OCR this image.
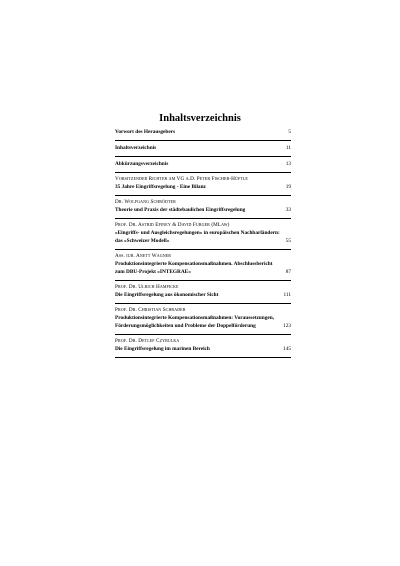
Inhaltsverzeichnis
Vorwort des Herausgebers	5
Inhaltsverzeichnis	11
Abkürzungsverzeichnis	13
Vorsitzender Richter am VG a.D. Peter Fischer-Hüftle
35 Jahre Eingriffsregelung - Eine Bilanz	19
Dr. Wolfgang Schrödter
Theorie und Praxis der städtebaulichen Eingriffsregelung	33
Prof. Dr. Astrid Epiney & David Furger (MLaw)
»Eingriffs- und Ausgleichsregelungen« in europäischen Nachbarländern:
das »Schweizer Modell«	55
Ass. iur. Anett Wagner
Produktionsintegrierte Kompensationsmaßnahmen. Abschlussbericht
zum DBU-Projekt »INTEGRAE«	87
Prof. Dr. Ulrich Hampicke
Die Eingriffsregelung aus ökonomischer Sicht	111
Prof. Dr. Christian Schrader
Produktionsintegrierte Kompensationsmaßnahmen: Voraussetzungen,
Förderungsmöglichkeiten und Probleme der Doppelförderung	123
Prof. Dr. Detlef Czybulka
Die Eingriffsregelung im marinen Bereich	145
